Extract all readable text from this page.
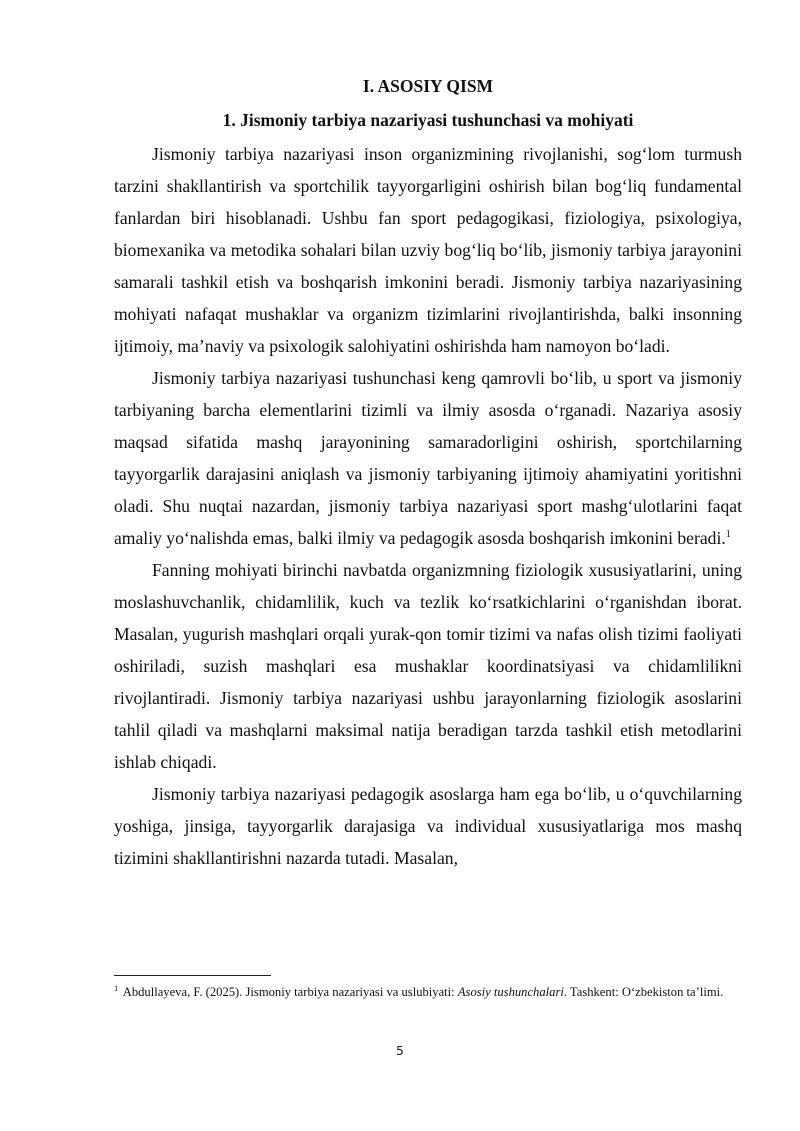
I. ASOSIY QISM
1. Jismoniy tarbiya nazariyasi tushunchasi va mohiyati

Jismoniy tarbiya nazariyasi inson organizmining rivojlanishi, sog‘lom turmush tarzini shakllantirish va sportchilik tayyorgarligini oshirish bilan bog‘liq fundamental fanlardan biri hisoblanadi. Ushbu fan sport pedagogikasi, fiziologiya, psixologiya, biomexanika va metodika sohalari bilan uzviy bog‘liq bo‘lib, jismoniy tarbiya jarayonini samarali tashkil etish va boshqarish imkonini beradi. Jismoniy tarbiya nazariyasining mohiyati nafaqat mushaklar va organizm tizimlarini rivojlantirishda, balki insonning ijtimoiy, ma’naviy va psixologik salohiyatini oshirishda ham namoyon bo‘ladi.

Jismoniy tarbiya nazariyasi tushunchasi keng qamrovli bo‘lib, u sport va jismoniy tarbiyaning barcha elementlarini tizimli va ilmiy asosda o‘rganadi. Nazariya asosiy maqsad sifatida mashq jarayonining samaradorligini oshirish, sportchilarning tayyorgarlik darajasini aniqlash va jismoniy tarbiyaning ijtimoiy ahamiyatini yoritishni oladi. Shu nuqtai nazardan, jismoniy tarbiya nazariyasi sport mashg‘ulotlarini faqat amaliy yo‘nalishda emas, balki ilmiy va pedagogik asosda boshqarish imkonini beradi.$^1$

Fanning mohiyati birinchi navbatda organizmning fiziologik xususiyatlarini, uning moslashuvchanlik, chidamlilik, kuch va tezlik ko‘rsatkichlarini o‘rganishdan iborat. Masalan, yugurish mashqlari orqali yurak-qon tomir tizimi va nafas olish tizimi faoliyati oshiriladi, suzish mashqlari esa mushaklar koordinatsiyasi va chidamlilikni rivojlantiradi. Jismoniy tarbiya nazariyasi ushbu jarayonlarning fiziologik asoslarini tahlil qiladi va mashqlarni maksimal natija beradigan tarzda tashkil etish metodlarini ishlab chiqadi.

Jismoniy tarbiya nazariyasi pedagogik asoslarga ham ega bo‘lib, u o‘quvchilarning yoshiga, jinsiga, tayyorgarlik darajasiga va individual xususiyatlariga mos mashq tizimini shakllantirishni nazarda tutadi. Masalan,

$^1$ Abdullayeva, F. (2025). Jismoniy tarbiya nazariyasi va uslubiyati: Asosiy tushunchalari. Tashkent: O‘zbekiston ta’limi.

5
